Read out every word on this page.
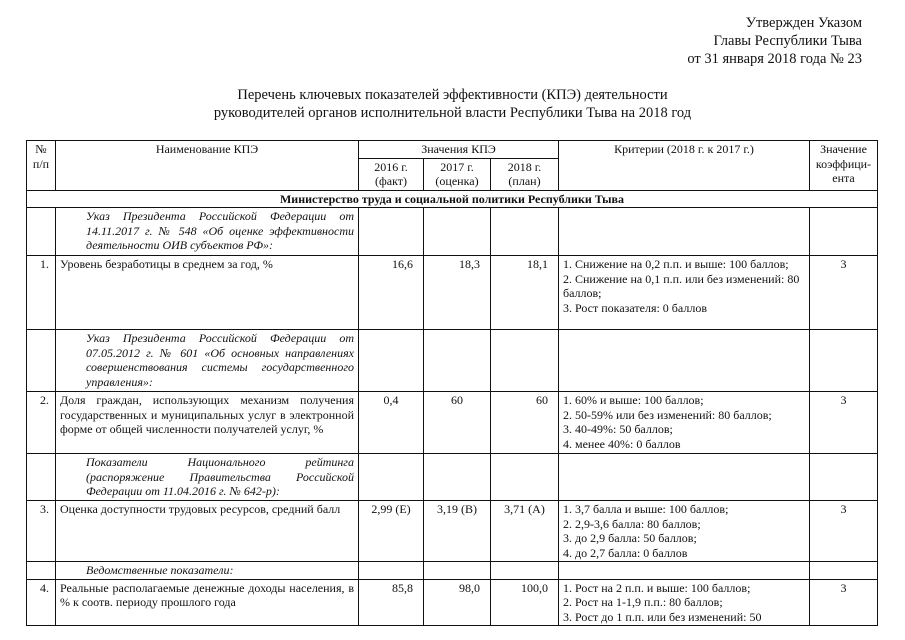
Утвержден Указом
Главы Республики Тыва
от 31 января 2018 года № 23
Перечень ключевых показателей эффективности (КПЭ) деятельности
руководителей органов исполнительной власти Республики Тыва на 2018 год
№ п/п	Наименование КПЭ	Значения КПЭ			Критерии (2018 г. к 2017 г.)	Значение коэффици-ента
		2016 г. (факт)	2017 г. (оценка)	2018 г. (план)		
Министерство труда и социальной политики Республики Тыва						
	Указ Президента Российской Федерации от 14.11.2017 г. № 548 «Об оценке эффективности деятельности ОИВ субъектов РФ»:					
1.	Уровень безработицы в среднем за год, %	16,6	18,3	18,1	1. Снижение на 0,2 п.п. и выше: 100 баллов;
2. Снижение на 0,1 п.п. или без изменений: 80 баллов;
3. Рост показателя: 0 баллов	3
	Указ Президента Российской Федерации от 07.05.2012 г. № 601 «Об основных направлениях совершенствования системы государственного управления»:					
2.	Доля граждан, использующих механизм получения государственных и муниципальных услуг в электронной форме от общей численности получателей услуг, %	0,4	60	60	1. 60% и выше: 100 баллов;
2. 50-59% или без изменений: 80 баллов;
3. 40-49%: 50 баллов;
4. менее 40%: 0 баллов	3
	Показатели Национального рейтинга (распоряжение Правительства Российской Федерации от 11.04.2016 г. № 642-р):					
3.	Оценка доступности трудовых ресурсов, средний балл	2,99 (Е)	3,19 (В)	3,71 (А)	1. 3,7 балла и выше: 100 баллов;
2. 2,9-3,6 балла: 80 баллов;
3. до 2,9 балла: 50 баллов;
4. до 2,7 балла: 0 баллов	3
	Ведомственные показатели:					
4.	Реальные располагаемые денежные доходы населения, в % к соотв. периоду прошлого года	85,8	98,0	100,0	1. Рост на 2 п.п. и выше: 100 баллов;
2. Рост на 1-1,9 п.п.: 80 баллов;
3. Рост до 1 п.п. или без изменений: 50	3
